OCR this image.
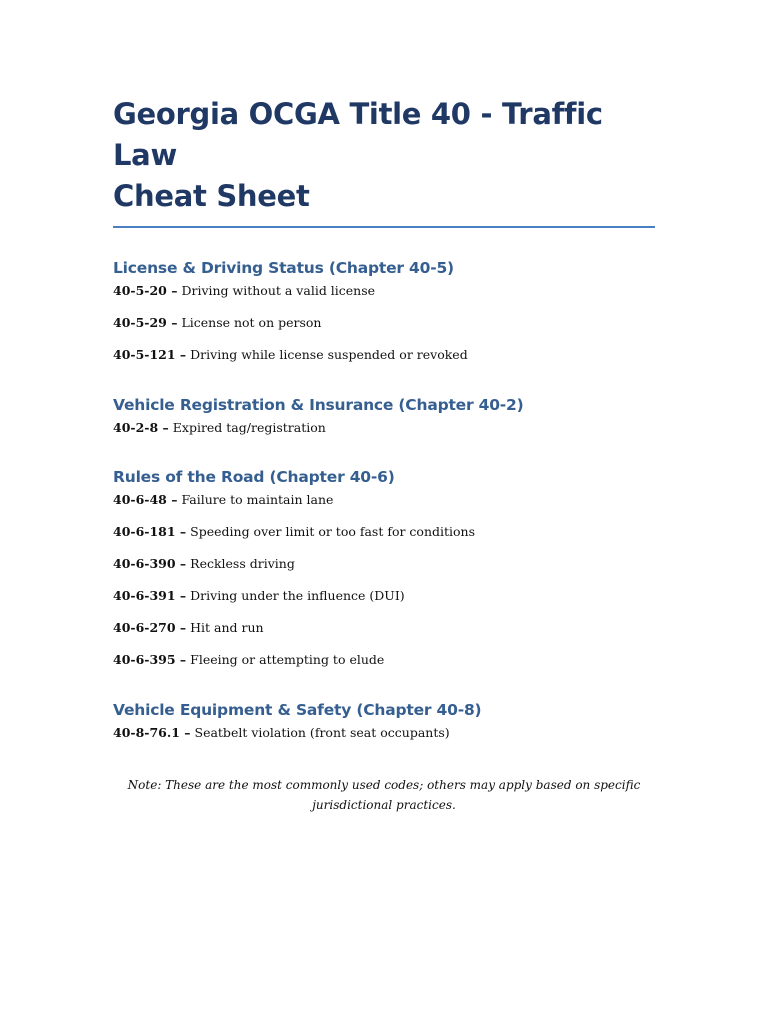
Georgia OCGA Title 40 - Traffic Law
Cheat Sheet
License & Driving Status (Chapter 40-5)

40-5-20 – Driving without a valid license

40-5-29 – License not on person

40-5-121 – Driving while license suspended or revoked

Vehicle Registration & Insurance (Chapter 40-2)

40-2-8 – Expired tag/registration

Rules of the Road (Chapter 40-6)

40-6-48 – Failure to maintain lane

40-6-181 – Speeding over limit or too fast for conditions

40-6-390 – Reckless driving

40-6-391 – Driving under the influence (DUI)

40-6-270 – Hit and run

40-6-395 – Fleeing or attempting to elude

Vehicle Equipment & Safety (Chapter 40-8)

40-8-76.1 – Seatbelt violation (front seat occupants)

Note: These are the most commonly used codes; others may apply based on specific
jurisdictional practices.
